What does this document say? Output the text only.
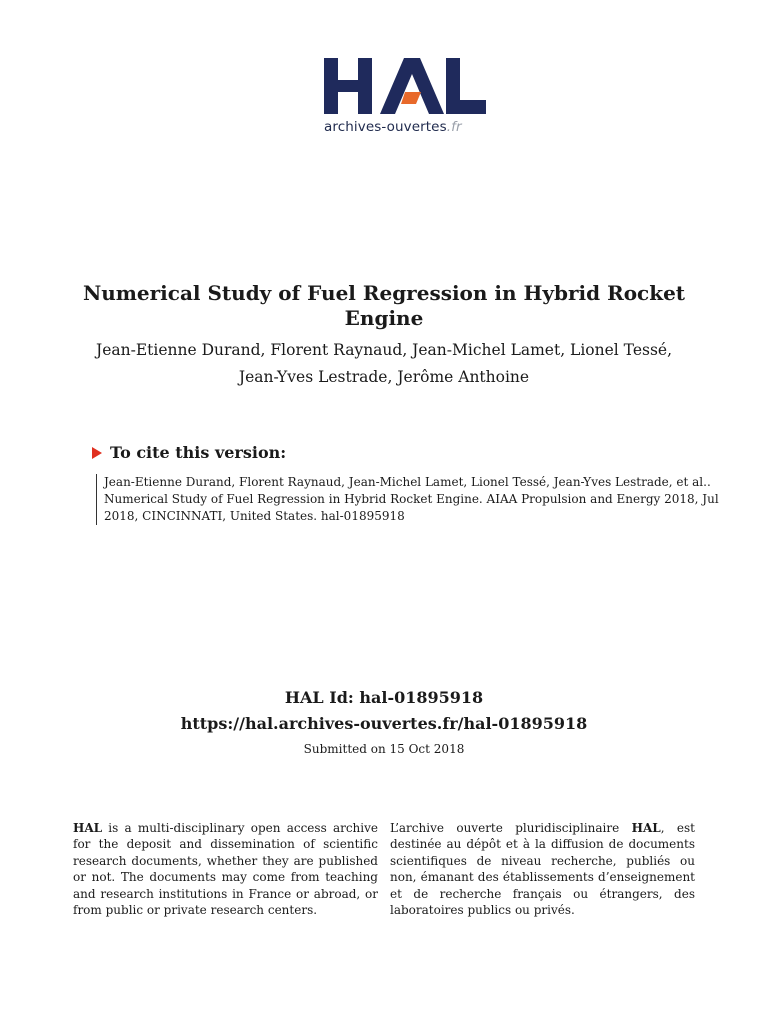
archives-ouvertes.fr
Numerical Study of Fuel Regression in Hybrid Rocket Engine
Jean-Etienne Durand, Florent Raynaud, Jean-Michel Lamet, Lionel Tessé,
Jean-Yves Lestrade, Jerôme Anthoine
To cite this version:
Jean-Etienne Durand, Florent Raynaud, Jean-Michel Lamet, Lionel Tessé, Jean-Yves Lestrade, et al.. Numerical Study of Fuel Regression in Hybrid Rocket Engine. AIAA Propulsion and Energy 2018, Jul 2018, CINCINNATI, United States. hal-01895918
HAL Id: hal-01895918
https://hal.archives-ouvertes.fr/hal-01895918
Submitted on 15 Oct 2018
HAL is a multi-disciplinary open access archive for the deposit and dissemination of scientific research documents, whether they are published or not. The documents may come from teaching and research institutions in France or abroad, or from public or private research centers.
L’archive ouverte pluridisciplinaire HAL, est destinée au dépôt et à la diffusion de documents scientifiques de niveau recherche, publiés ou non, émanant des établissements d’enseignement et de recherche français ou étrangers, des laboratoires publics ou privés.
